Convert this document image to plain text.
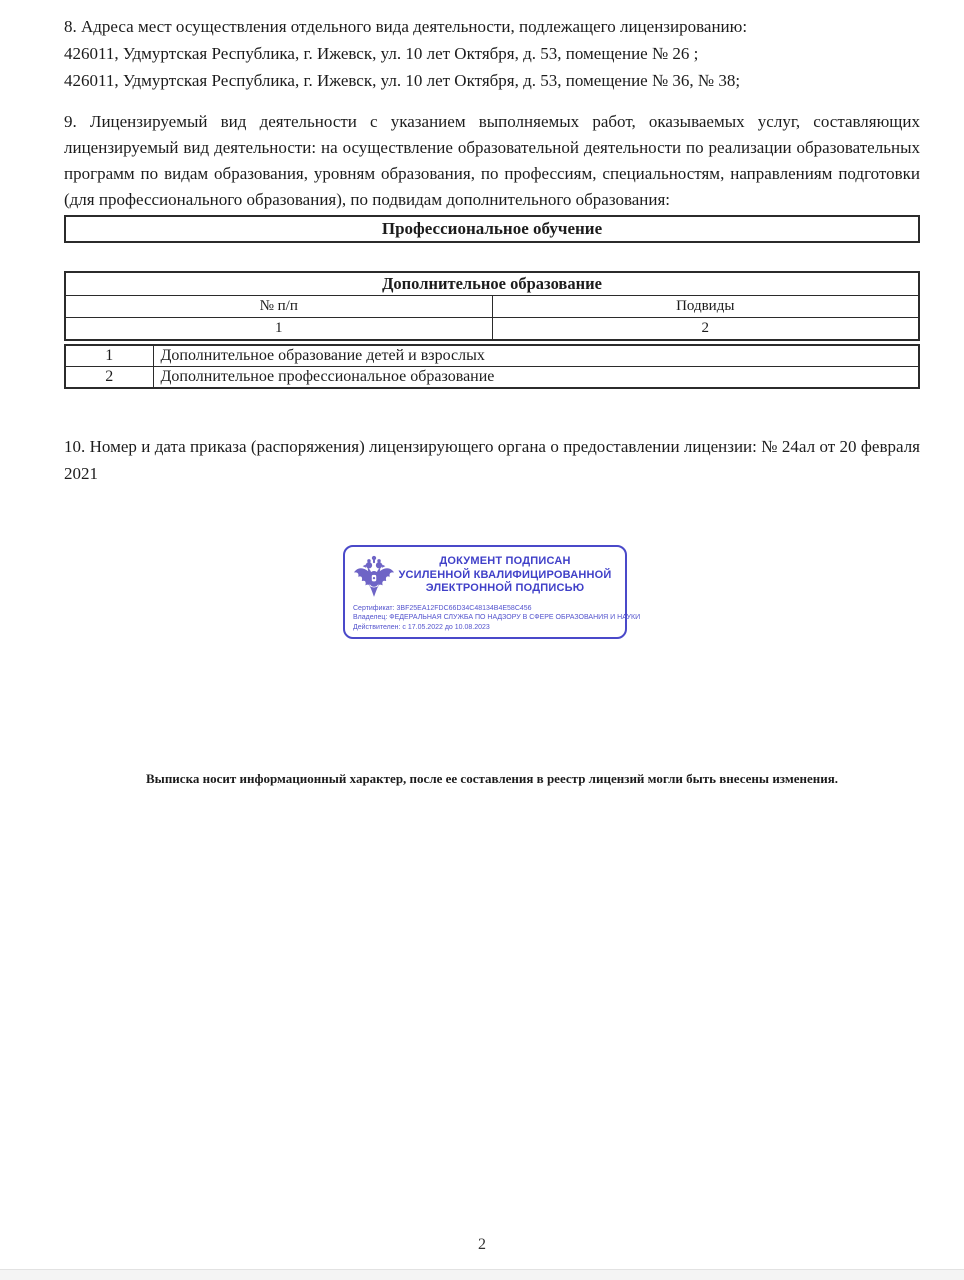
8. Адреса мест осуществления отдельного вида деятельности, подлежащего лицензированию:
426011, Удмуртская Республика, г. Ижевск, ул. 10 лет Октября, д. 53, помещение № 26 ;
426011, Удмуртская Республика, г. Ижевск, ул. 10 лет Октября, д. 53, помещение № 36, № 38;

9. Лицензируемый вид деятельности с указанием выполняемых работ, оказываемых услуг, составляющих лицензируемый вид деятельности: на осуществление образовательной деятельности по реализации образовательных программ по видам образования, уровням образования, по профессиям, специальностям, направлениям подготовки (для профессионального образования), по подвидам дополнительного образования:

Профессиональное обучение
Дополнительное образование	
№ п/п	Подвиды
1	2
1	Дополнительное образование детей и взрослых
2	Дополнительное профессиональное образование

10. Номер и дата приказа (распоряжения) лицензирующего органа о предоставлении лицензии: № 24ал от 20 февраля 2021

ДОКУМЕНТ ПОДПИСАН
УСИЛЕННОЙ КВАЛИФИЦИРОВАННОЙ
ЭЛЕКТРОННОЙ ПОДПИСЬЮ
Сертификат: 3BF25EA12FDC66D34C48134B4E58C456
Владелец: ФЕДЕРАЛЬНАЯ СЛУЖБА ПО НАДЗОРУ В СФЕРЕ ОБРАЗОВАНИЯ И НАУКИ
Действителен: с 17.05.2022 до 10.08.2023
Выписка носит информационный характер, после ее составления в реестр лицензий могли быть внесены изменения.
2
